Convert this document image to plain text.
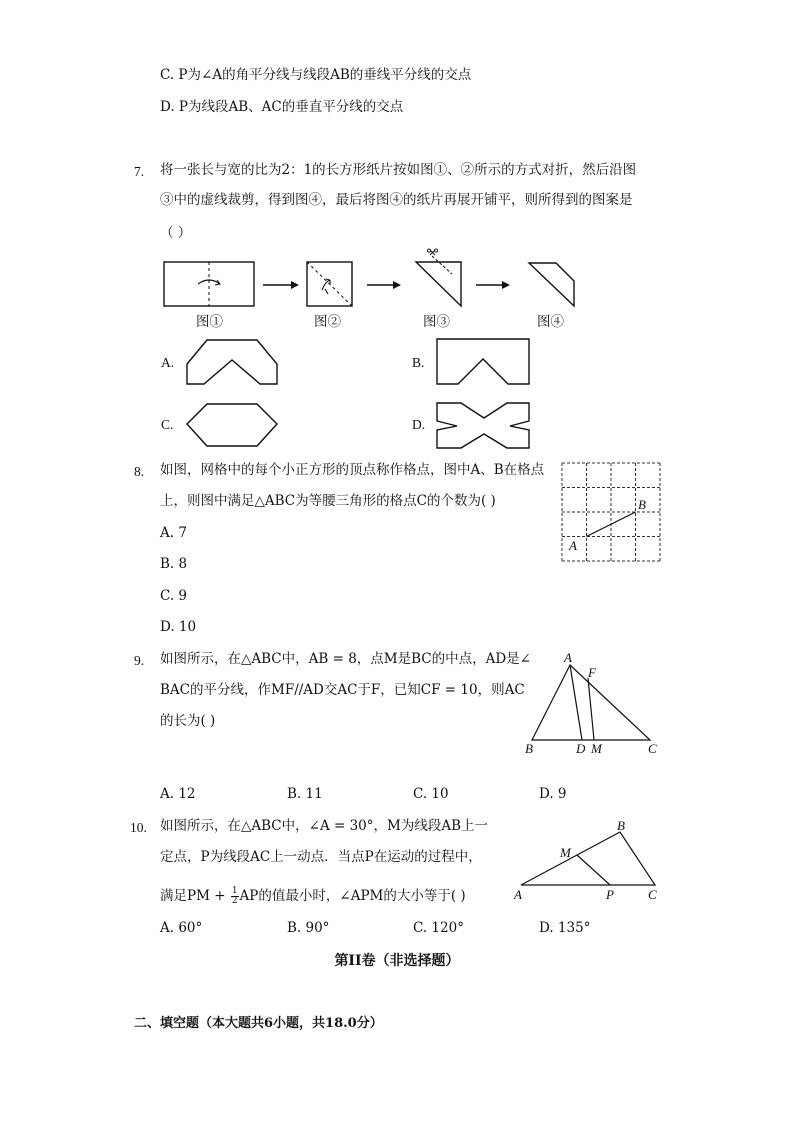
C. P为∠A的角平分线与线段AB的垂线平分线的交点
D. P为线段AB、AC的垂直平分线的交点
7. 将一张长与宽的比为2：1的长方形纸片按如图①、②所示的方式对折，然后沿图
③中的虚线裁剪，得到图④，最后将图④的纸片再展开铺平，则所得到的图案是
（ ）
图①	图②	图③	图④
A.	B.
C.	D.
8. 如图，网格中的每个小正方形的顶点称作格点，图中A、B在格点
上，则图中满足△ABC为等腰三角形的格点C的个数为( )
A. 7
B. 8
C. 9
D. 10
A
B
9. 如图所示，在△ABC中，AB = 8，点M是BC的中点，AD是∠
BAC的平分线，作MF//AD交AC于F，已知CF = 10，则AC
的长为( )
A
F
B	D M	C
A. 12	B. 11	C. 10	D. 9
10. 如图所示，在△ABC中，∠A = 30°，M为线段AB上一
定点，P为线段AC上一动点．当点P在运动的过程中，
满足PM + $\frac{1}{2}$ AP的值最小时，∠APM的大小等于( )
B
M
A	P	C
A. 60°	B. 90°	C. 120°	D. 135°
第II卷（非选择题）
二、填空题（本大题共6小题，共18.0分）
